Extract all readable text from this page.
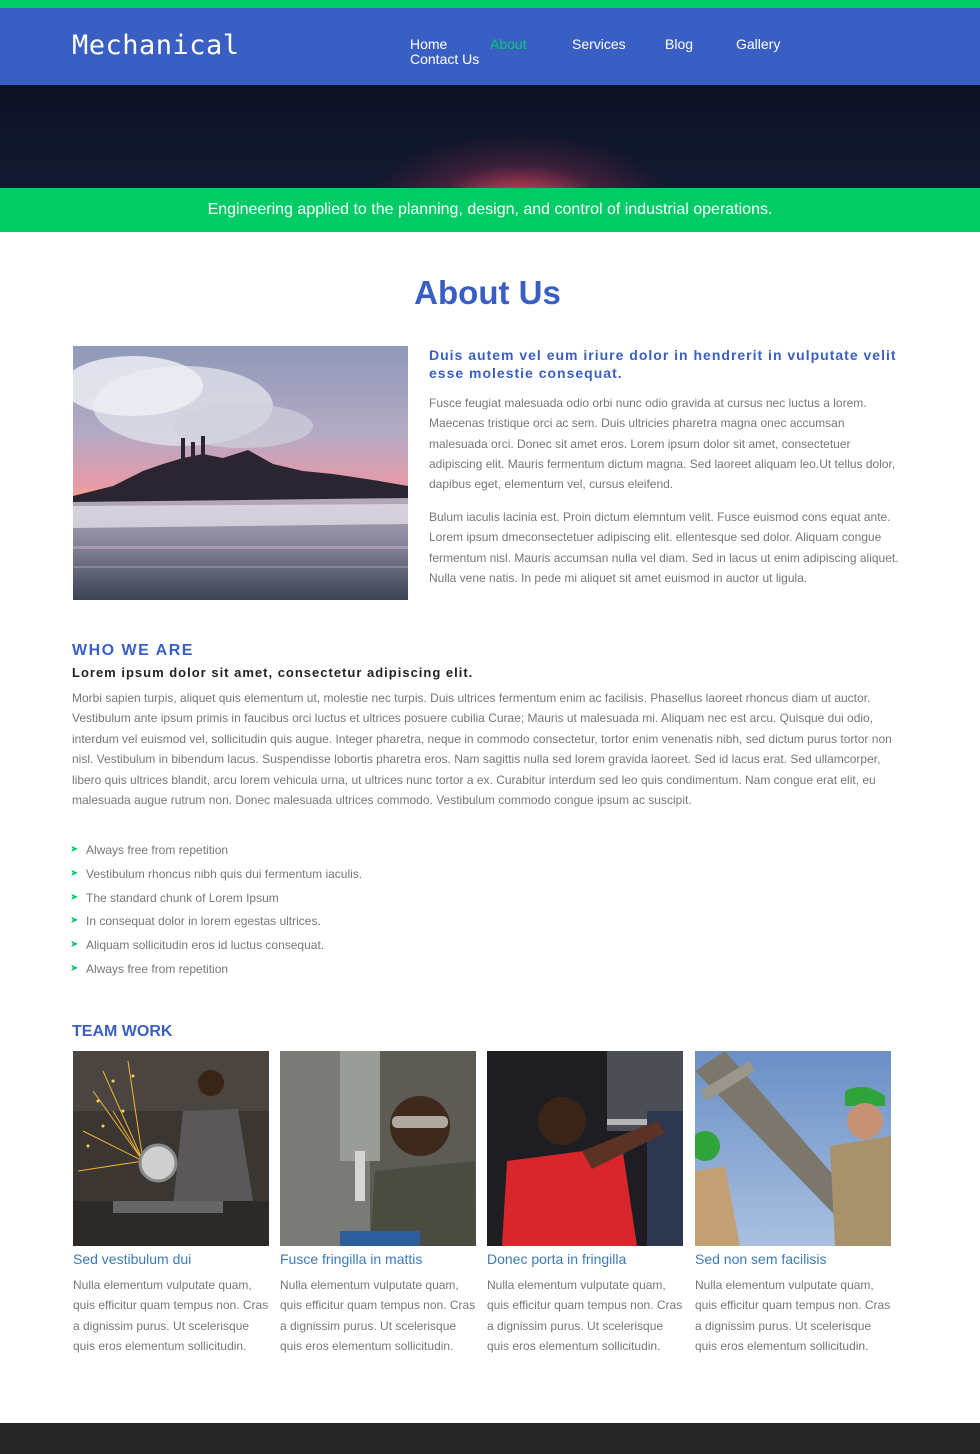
Mechanical	Home	About	Services	Blog	Gallery
Contact Us
Engineering applied to the planning, design, and control of industrial operations.
About Us
Duis autem vel eum iriure dolor in hendrerit in vulputate velit esse molestie consequat.

Fusce feugiat malesuada odio orbi nunc odio gravida at cursus nec luctus a lorem. Maecenas tristique orci ac sem. Duis ultricies pharetra magna onec accumsan malesuada orci. Donec sit amet eros. Lorem ipsum dolor sit amet, consectetuer adipiscing elit. Mauris fermentum dictum magna. Sed laoreet aliquam leo.Ut tellus dolor, dapibus eget, elementum vel, cursus eleifend.

Bulum iaculis lacinia est. Proin dictum elemntum velit. Fusce euismod cons equat ante. Lorem ipsum dmeconsectetuer adipiscing elit. ellentesque sed dolor. Aliquam congue fermentum nisl. Mauris accumsan nulla vel diam. Sed in lacus ut enim adipiscing aliquet. Nulla vene natis. In pede mi aliquet sit amet euismod in auctor ut ligula.

WHO WE ARE
Lorem ipsum dolor sit amet, consectetur adipiscing elit.

Morbi sapien turpis, aliquet quis elementum ut, molestie nec turpis. Duis ultrices fermentum enim ac facilisis. Phasellus laoreet rhoncus diam ut auctor. Vestibulum ante ipsum primis in faucibus orci luctus et ultrices posuere cubilia Curae; Mauris ut malesuada mi. Aliquam nec est arcu. Quisque dui odio, interdum vel euismod vel, sollicitudin quis augue. Integer pharetra, neque in commodo consectetur, tortor enim venenatis nibh, sed dictum purus tortor non nisl. Vestibulum in bibendum lacus. Suspendisse lobortis pharetra eros. Nam sagittis nulla sed lorem gravida laoreet. Sed id lacus erat. Sed ullamcorper, libero quis ultrices blandit, arcu lorem vehicula urna, ut ultrices nunc tortor a ex. Curabitur interdum sed leo quis condimentum. Nam congue erat elit, eu malesuada augue rutrum non. Donec malesuada ultrices commodo. Vestibulum commodo congue ipsum ac suscipit.

➤ Always free from repetition
➤ Vestibulum rhoncus nibh quis dui fermentum iaculis.
➤ The standard chunk of Lorem Ipsum
➤ In consequat dolor in lorem egestas ultrices.
➤ Aliquam sollicitudin eros id luctus consequat.
➤ Always free from repetition
TEAM WORK
Sed vestibulum dui
Nulla elementum vulputate quam, quis efficitur quam tempus non. Cras a dignissim purus. Ut scelerisque quis eros elementum sollicitudin.
Fusce fringilla in mattis
Nulla elementum vulputate quam, quis efficitur quam tempus non. Cras a dignissim purus. Ut scelerisque quis eros elementum sollicitudin.
Donec porta in fringilla
Nulla elementum vulputate quam, quis efficitur quam tempus non. Cras a dignissim purus. Ut scelerisque quis eros elementum sollicitudin.
Sed non sem facilisis
Nulla elementum vulputate quam, quis efficitur quam tempus non. Cras a dignissim purus. Ut scelerisque quis eros elementum sollicitudin.
